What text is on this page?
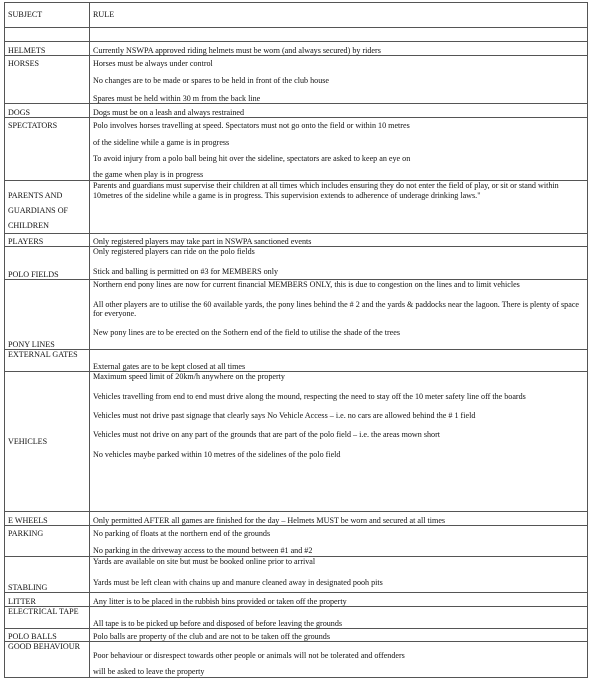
SUBJECT	RULE

HELMETS	Currently NSWPA approved riding helmets must be worn (and always secured) by riders

HORSES	Horses must be always under control

No changes are to be made or spares to be held in front of the club house

Spares must be held within 30 m from the back line

DOGS	Dogs must be on a leash and always restrained

SPECTATORS	Polo involves horses travelling at speed. Spectators must not go onto the field or within 10 metres

of the sideline while a game is in progress

To avoid injury from a polo ball being hit over the sideline, spectators are asked to keep an eye on

the game when play is in progress

PARENTS AND GUARDIANS OF CHILDREN	Parents and guardians must supervise their children at all times which includes ensuring they do not enter the field of play, or sit or stand within 10metres of the sideline while a game is in progress. This supervision extends to adherence of underage drinking laws."

PLAYERS	Only registered players may take part in NSWPA sanctioned events

POLO FIELDS	Only registered players can ride on the polo fields

Stick and balling is permitted on #3 for MEMBERS only

PONY LINES	Northern end pony lines are now for current financial MEMBERS ONLY, this is due to congestion on the lines and to limit vehicles

All other players are to utilise the 60 available yards, the pony lines behind the # 2 and the yards & paddocks near the lagoon. There is plenty of space for everyone.

New pony lines are to be erected on the Sothern end of the field to utilise the shade of the trees

EXTERNAL GATES	External gates are to be kept closed at all times

VEHICLES	Maximum speed limit of 20km/h anywhere on the property

Vehicles travelling from end to end must drive along the mound, respecting the need to stay off the 10 meter safety line off the boards

Vehicles must not drive past signage that clearly says No Vehicle Access – i.e. no cars are allowed behind the # 1 field

Vehicles must not drive on any part of the grounds that are part of the polo field – i.e. the areas mown short

No vehicles maybe parked within 10 metres of the sidelines of the polo field

E WHEELS	Only permitted AFTER all games are finished for the day – Helmets MUST be worn and secured at all times

PARKING	No parking of floats at the northern end of the grounds

No parking in the driveway access to the mound between #1 and #2

STABLING	Yards are available on site but must be booked online prior to arrival

Yards must be left clean with chains up and manure cleaned away in designated pooh pits

LITTER	Any litter is to be placed in the rubbish bins provided or taken off the property

ELECTRICAL TAPE	All tape is to be picked up before and disposed of before leaving the grounds

POLO BALLS	Polo balls are property of the club and are not to be taken off the grounds

GOOD BEHAVIOUR	Poor behaviour or disrespect towards other people or animals will not be tolerated and offenders

will be asked to leave the property
